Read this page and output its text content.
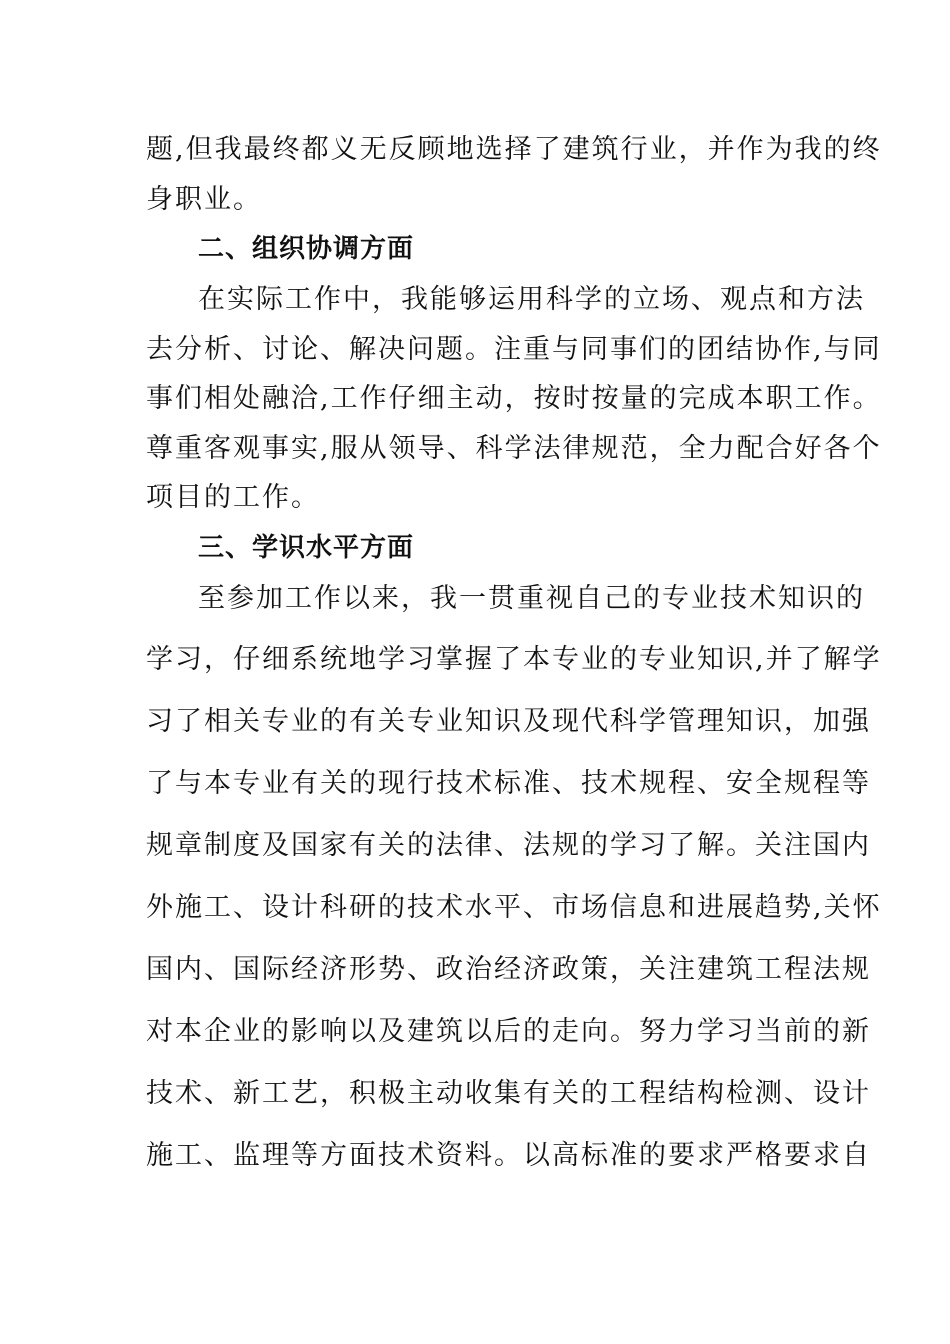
题,但我最终都义无反顾地选择了建筑行业，并作为我的终
身职业。
二、组织协调方面
在实际工作中，我能够运用科学的立场、观点和方法
去分析、讨论、解决问题。注重与同事们的团结协作,与同
事们相处融洽,工作仔细主动，按时按量的完成本职工作。
尊重客观事实,服从领导、科学法律规范，全力配合好各个
项目的工作。
三、学识水平方面
至参加工作以来，我一贯重视自己的专业技术知识的
学习，仔细系统地学习掌握了本专业的专业知识,并了解学
习了相关专业的有关专业知识及现代科学管理知识，加强
了与本专业有关的现行技术标准、技术规程、安全规程等
规章制度及国家有关的法律、法规的学习了解。关注国内
外施工、设计科研的技术水平、市场信息和进展趋势,关怀
国内、国际经济形势、政治经济政策，关注建筑工程法规
对本企业的影响以及建筑以后的走向。努力学习当前的新
技术、新工艺，积极主动收集有关的工程结构检测、设计
施工、监理等方面技术资料。以高标准的要求严格要求自
